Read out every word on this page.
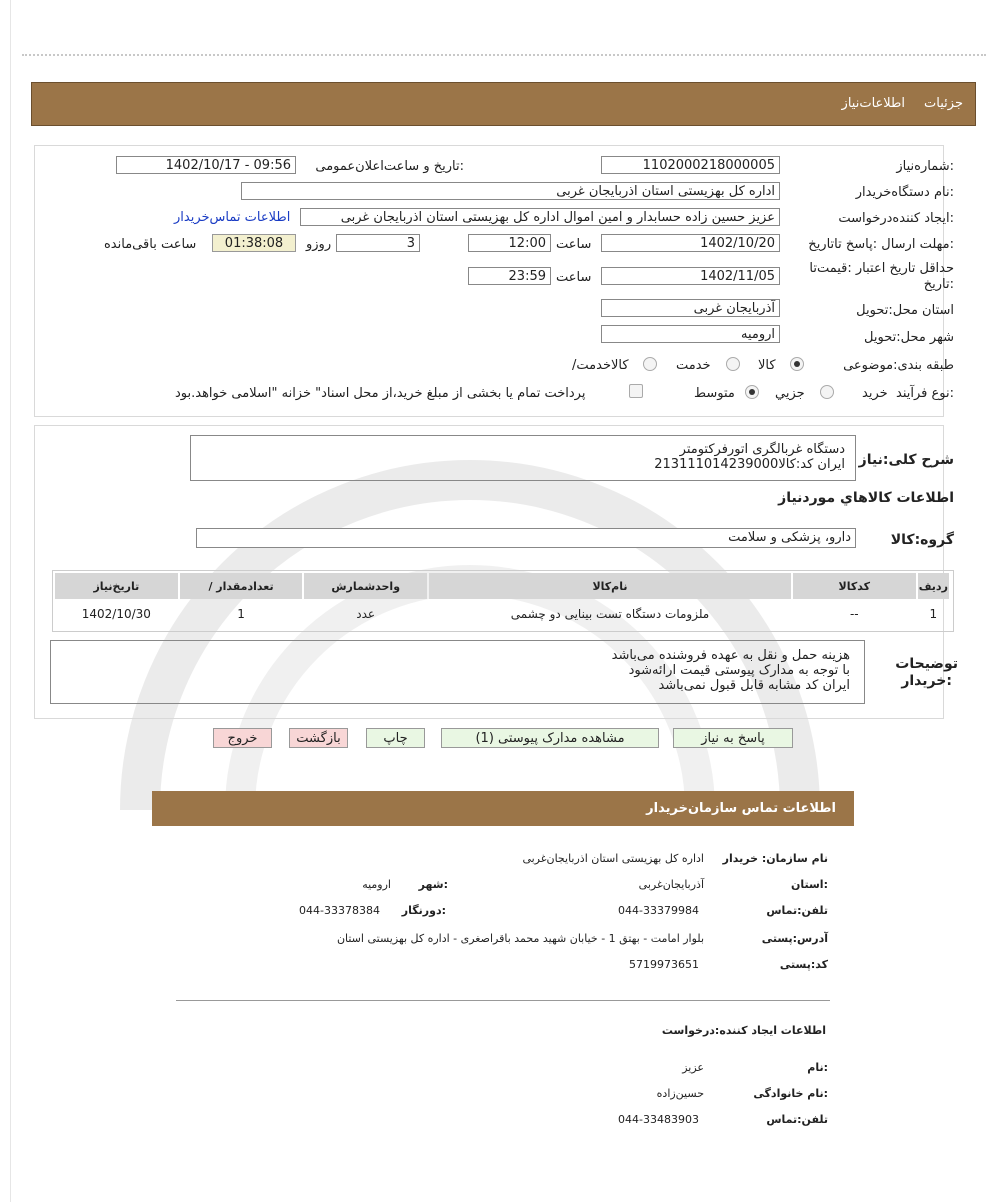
جزئیات
اطلاعات‌نیاز
شماره‌نیاز:
1102000218000005
تاریخ و ساعت‌اعلان‌عمومی:
1402/10/17 - 09:56
نام دستگاه‌خریدار:
اداره کل بهزیستی استان اذربایجان غربی
ایجاد کننده‌درخواست:
عزیز حسین زاده حسابدار و امین اموال اداره کل بهزیستی استان اذربایجان غربی
اطلاعات تماس‌خریدار
مهلت ارسال :پاسخ تا‌تاریخ:
1402/10/20
ساعت
12:00
3
روزو
01:38:08
ساعت باقی‌مانده
حداقل تاریخ اعتبار :قیمت‌تا تاریخ:
1402/11/05
ساعت
23:59
استان محل:تحویل
آذربایجان غربی
شهر محل:تحویل
ارومیه
طبقه بندی:موضوعی
کالا
خدمت
/کالاخدمت
نوع فرآیند:
خرید
جزیي
متوسط
پرداخت تمام یا بخشی از مبلغ خرید،از محل اسناد" خزانه "اسلامی خواهد.بود
شرح کلی:نیاز
دستگاه غربالگری اتورفرکتومتر
ایران کد:کالا213111014239000
اطلاعات کالاهاي مورد‌نیاز
گروه:کالا
دارو، پزشکی و سلامت
ردیف	کدکالا	نام‌کالا	واحدشمارش	تعدادمقدار /	تاریخ‌نیاز
1	--	ملزومات دستگاه تست بینایی دو چشمی	عدد	1	1402/10/30
توضیحات
خریدار:
هزینه حمل و نقل به عهده فروشنده می‌باشد
با توجه به مدارک پیوستی قیمت ارائه‌شود
ایران کد مشابه قابل قبول نمی‌باشد
پاسخ به نیاز
مشاهده مدارک پیوستی (1)
چاپ
بازگشت
خروج
اطلاعات تماس سازمان‌خریدار
نام سازمان: خریدار
اداره کل بهزیستی استان اذربایجان‌غربی
استان:
آذربایجان‌غربی
شهر:
ارومیه
تلفن:تماس
044-33379984
دورنگار:
044-33378384
آدرس:پستی
بلوار امامت - بهتق 1 - خیابان شهید محمد باقراصغری - اداره کل بهزیستی استان
کد:پستی
5719973651
اطلاعات ایجاد کننده:درخواست
نام:
عزیز
نام خانوادگی:
حسین‌زاده
تلفن:تماس
044-33483903
